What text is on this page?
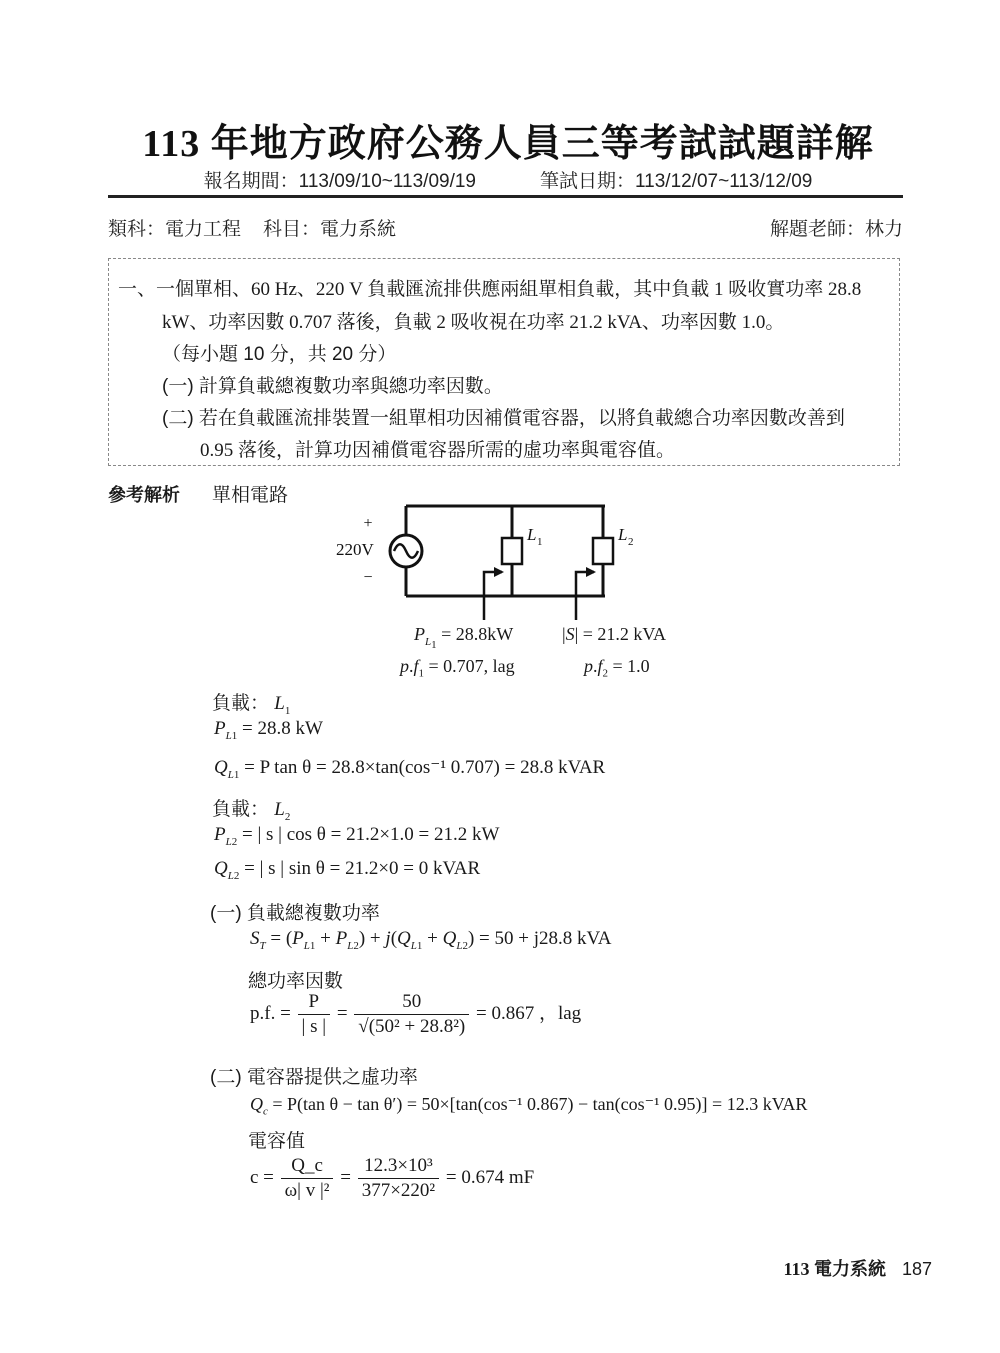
113 年地方政府公務人員三等考試試題詳解
報名期間：113/09/10~113/09/19	筆試日期：113/12/07~113/12/09
類科：電力工程 科目：電力系統	解題老師：林力
一、一個單相、60 Hz、220 V 負載匯流排供應兩組單相負載，其中負載 1 吸收實功率 28.8
kW、功率因數 0.707 落後，負載 2 吸收視在功率 21.2 kVA、功率因數 1.0。
（每小題 10 分，共 20 分）
(一) 計算負載總複數功率與總功率因數。
(二) 若在負載匯流排裝置一組單相功因補償電容器，以將負載總合功率因數改善到
0.95 落後，計算功因補償電容器所需的虛功率與電容值。
參考解析 單相電路
+
220V
−
L 1	L 2
$P_{L_1} = 28.8kW$
$p.f_1 = 0.707$, lag
|S| = 21.2 kVA
$p.f_2 = 1.0$
負載： $L_1$
$P_{L1} = 28.8$ kW
$Q_{L1} = P$ tan θ = 28.8×tan(cos⁻¹ 0.707) = 28.8 kVAR
負載： $L_2$
$P_{L2}$ = | s | cos θ = 21.2×1.0 = 21.2 kW
$Q_{L2}$ = | s | sin θ = 21.2×0 = 0 kVAR
(一) 負載總複數功率
$S_T = (P_{L1} + P_{L2}) + j(Q_{L1} + Q_{L2}) = 50 + j28.8$ kVA
總功率因數
p.f. = $\frac{P}{| s |} = \frac{50}{\text{√(50² + 28.8²)}} = 0.867$ ，lag
(二) 電容器提供之虛功率
$Q_c = P(\tan$ θ − tan θ′) = 50×[tan(cos⁻¹ 0.867) − tan(cos⁻¹ 0.95)] = 12.3 kVAR
電容值
$c = \frac{Q\_c}{\text{ω| v |²}} = \frac{\text{12.3×10³}}{\text{377×220²}} = 0.674$ mF
113 電力系統 187
